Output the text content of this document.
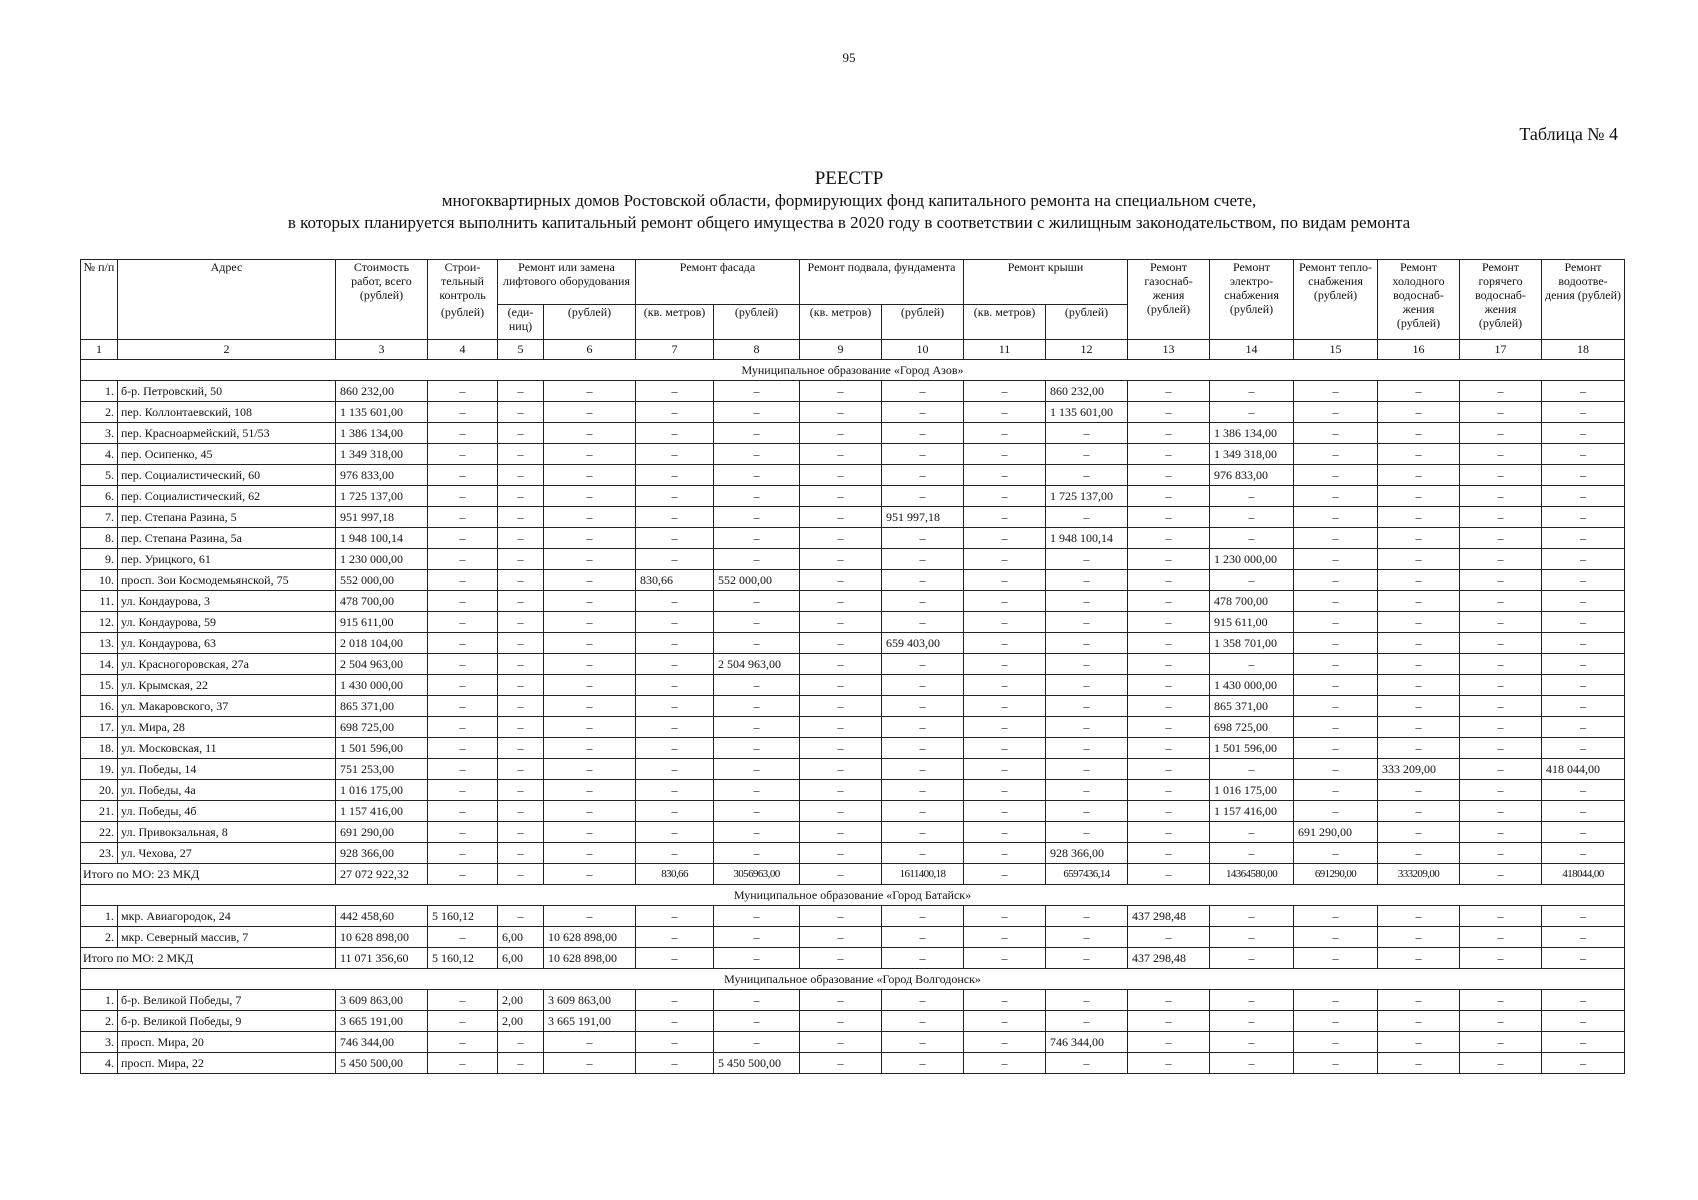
95
Таблица № 4
РЕЕСТР
многоквартирных домов Ростовской области, формирующих фонд капитального ремонта на специальном счете,
в которых планируется выполнить капитальный ремонт общего имущества в 2020 году в соответствии с жилищным законодательством, по видам ремонта
№ п/п	Адрес	Стоимость работ, всего (рублей)	Строи-тельный контроль	Ремонт или замена лифтового оборудования		Ремонт фасада		Ремонт подвала, фундамента		Ремонт крыши		Ремонт газоснаб-жения (рублей)	Ремонт электро-снабжения (рублей)	Ремонт тепло-снабжения (рублей)	Ремонт холодного водоснаб-жения (рублей)	Ремонт горячего водоснаб-жения (рублей)	Ремонт водоотве-дения (рублей)
			(рублей)	(еди-ниц)	(рублей)	(кв. метров)	(рублей)	(кв. метров)	(рублей)	(кв. метров)	(рублей)						
1	2	3	4	5	6	7	8	9	10	11	12	13	14	15	16	17	18
Муниципальное образование «Город Азов»																	
1.	б-р. Петровский, 50	860 232,00	–	–	–	–	–	–	–	–	860 232,00	–	–	–	–	–	–
2.	пер. Коллонтаевский, 108	1 135 601,00	–	–	–	–	–	–	–	–	1 135 601,00	–	–	–	–	–	–
3.	пер. Красноармейский, 51/53	1 386 134,00	–	–	–	–	–	–	–	–	–	–	1 386 134,00	–	–	–	–
4.	пер. Осипенко, 45	1 349 318,00	–	–	–	–	–	–	–	–	–	–	1 349 318,00	–	–	–	–
5.	пер. Социалистический, 60	976 833,00	–	–	–	–	–	–	–	–	–	–	976 833,00	–	–	–	–
6.	пер. Социалистический, 62	1 725 137,00	–	–	–	–	–	–	–	–	1 725 137,00	–	–	–	–	–	–
7.	пер. Степана Разина, 5	951 997,18	–	–	–	–	–	–	951 997,18	–	–	–	–	–	–	–	–
8.	пер. Степана Разина, 5а	1 948 100,14	–	–	–	–	–	–	–	–	1 948 100,14	–	–	–	–	–	–
9.	пер. Урицкого, 61	1 230 000,00	–	–	–	–	–	–	–	–	–	–	1 230 000,00	–	–	–	–
10.	просп. Зои Космодемьянской, 75	552 000,00	–	–	–	830,66	552 000,00	–	–	–	–	–	–	–	–	–	–
11.	ул. Кондаурова, 3	478 700,00	–	–	–	–	–	–	–	–	–	–	478 700,00	–	–	–	–
12.	ул. Кондаурова, 59	915 611,00	–	–	–	–	–	–	–	–	–	–	915 611,00	–	–	–	–
13.	ул. Кондаурова, 63	2 018 104,00	–	–	–	–	–	–	659 403,00	–	–	–	1 358 701,00	–	–	–	–
14.	ул. Красногоровская, 27а	2 504 963,00	–	–	–	–	2 504 963,00	–	–	–	–	–	–	–	–	–	–
15.	ул. Крымская, 22	1 430 000,00	–	–	–	–	–	–	–	–	–	–	1 430 000,00	–	–	–	–
16.	ул. Макаровского, 37	865 371,00	–	–	–	–	–	–	–	–	–	–	865 371,00	–	–	–	–
17.	ул. Мира, 28	698 725,00	–	–	–	–	–	–	–	–	–	–	698 725,00	–	–	–	–
18.	ул. Московская, 11	1 501 596,00	–	–	–	–	–	–	–	–	–	–	1 501 596,00	–	–	–	–
19.	ул. Победы, 14	751 253,00	–	–	–	–	–	–	–	–	–	–	–	–	333 209,00	–	418 044,00
20.	ул. Победы, 4а	1 016 175,00	–	–	–	–	–	–	–	–	–	–	1 016 175,00	–	–	–	–
21.	ул. Победы, 4б	1 157 416,00	–	–	–	–	–	–	–	–	–	–	1 157 416,00	–	–	–	–
22.	ул. Привокзальная, 8	691 290,00	–	–	–	–	–	–	–	–	–	–	–	691 290,00	–	–	–
23.	ул. Чехова, 27	928 366,00	–	–	–	–	–	–	–	–	928 366,00	–	–	–	–	–	–
Итого по МО: 23 МКД		27 072 922,32	–	–	–	830,66	3056963,00	–	1611400,18	–	6597436,14	–	14364580,00	691290,00	333209,00	–	418044,00
Муниципальное образование «Город Батайск»																	
1.	мкр. Авиагородок, 24	442 458,60	5 160,12	–	–	–	–	–	–	–	–	437 298,48	–	–	–	–	–
2.	мкр. Северный массив, 7	10 628 898,00	–	6,00	10 628 898,00	–	–	–	–	–	–	–	–	–	–	–	–
Итого по МО: 2 МКД		11 071 356,60	5 160,12	6,00	10 628 898,00	–	–	–	–	–	–	437 298,48	–	–	–	–	–
Муниципальное образование «Город Волгодонск»																	
1.	б-р. Великой Победы, 7	3 609 863,00	–	2,00	3 609 863,00	–	–	–	–	–	–	–	–	–	–	–	–
2.	б-р. Великой Победы, 9	3 665 191,00	–	2,00	3 665 191,00	–	–	–	–	–	–	–	–	–	–	–	–
3.	просп. Мира, 20	746 344,00	–	–	–	–	–	–	–	–	746 344,00	–	–	–	–	–	–
4.	просп. Мира, 22	5 450 500,00	–	–	–	–	5 450 500,00	–	–	–	–	–	–	–	–	–	–
